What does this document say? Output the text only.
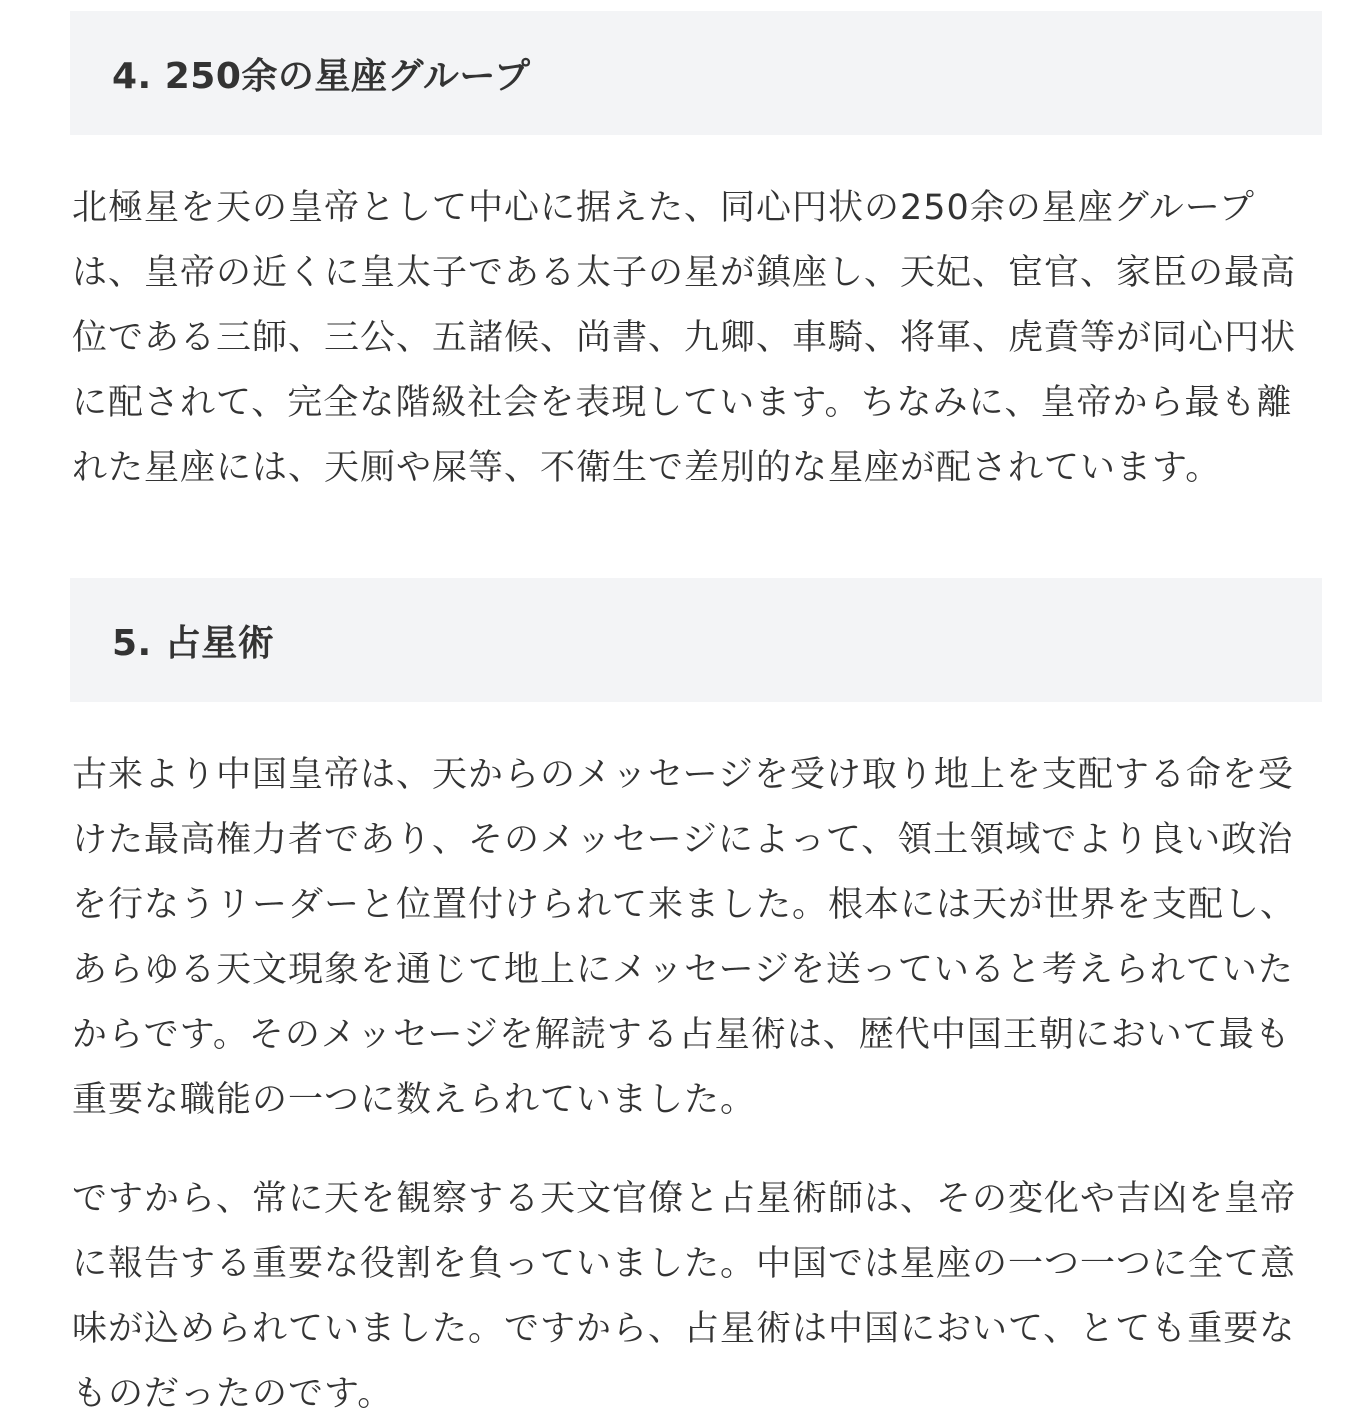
4. 250余の星座グループ

北極星を天の皇帝として中心に据えた、同心円状の250余の星座グループ
は、皇帝の近くに皇太子である太子の星が鎮座し、天妃、宦官、家臣の最高
位である三師、三公、五諸候、尚書、九卿、車騎、将軍、虎賁等が同心円状
に配されて、完全な階級社会を表現しています。ちなみに、皇帝から最も離
れた星座には、天厠や屎等、不衛生で差別的な星座が配されています。

5. 占星術

古来より中国皇帝は、天からのメッセージを受け取り地上を支配する命を受
けた最高権力者であり、そのメッセージによって、領土領域でより良い政治
を行なうリーダーと位置付けられて来ました。根本には天が世界を支配し、
あらゆる天文現象を通じて地上にメッセージを送っていると考えられていた
からです。そのメッセージを解読する占星術は、歴代中国王朝において最も
重要な職能の一つに数えられていました。

ですから、常に天を観察する天文官僚と占星術師は、その変化や吉凶を皇帝
に報告する重要な役割を負っていました。中国では星座の一つ一つに全て意
味が込められていました。ですから、占星術は中国において、とても重要な
ものだったのです。
